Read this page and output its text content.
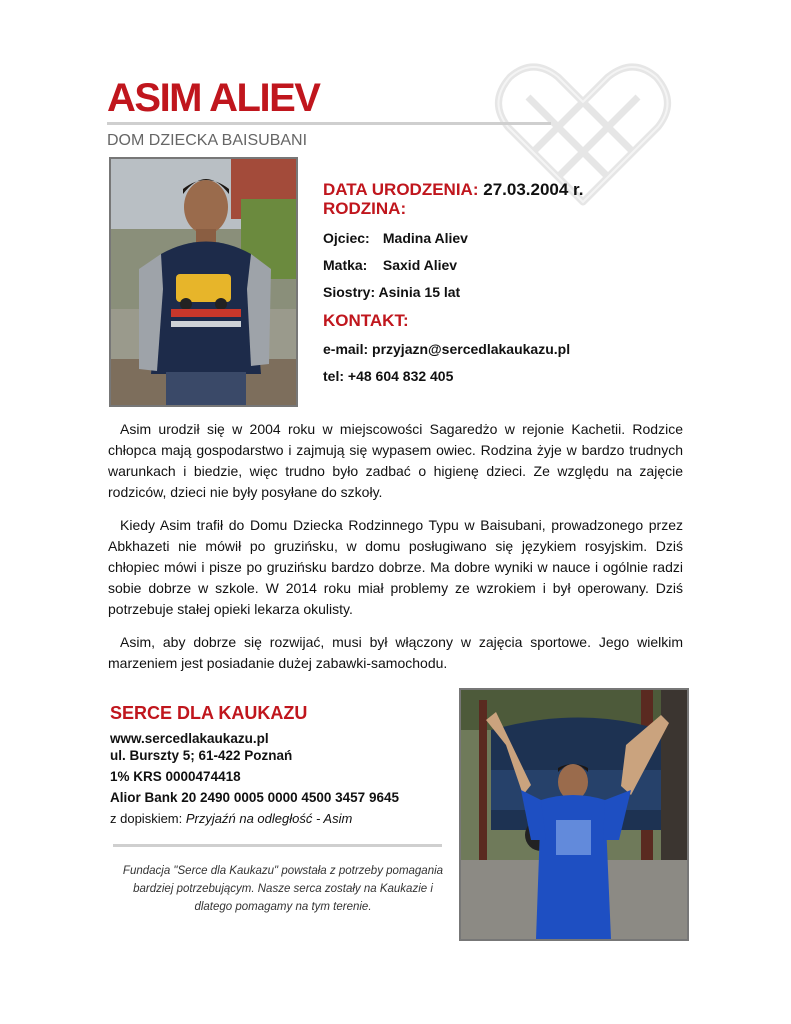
ASIM ALIEV
DOM DZIECKA BAISUBANI
DATA URODZENIA: 27.03.2004 r.
RODZINA:
Ojciec: Madina Aliev
Matka: Saxid Aliev
Siostry: Asinia 15 lat
KONTAKT:
e-mail: przyjazn@sercedlakaukazu.pl
tel: +48 604 832 405

Asim urodził się w 2004 roku w miejscowości Sagaredżo w rejonie Kachetii. Rodzice chłopca mają gospodarstwo i zajmują się wypasem owiec. Rodzina żyje w bardzo trudnych warunkach i biedzie, więc trudno było zadbać o higienę dzieci. Ze względu na zajęcie rodziców, dzieci nie były posyłane do szkoły.

Kiedy Asim trafił do Domu Dziecka Rodzinnego Typu w Baisubani, prowadzonego przez Abkhazeti nie mówił po gruzińsku, w domu posługiwano się językiem rosyjskim. Dziś chłopiec mówi i pisze po gruzińsku bardzo dobrze. Ma dobre wyniki w nauce i ogólnie radzi sobie dobrze w szkole. W 2014 roku miał problemy ze wzrokiem i był operowany. Dziś potrzebuje stałej opieki lekarza okulisty.

Asim, aby dobrze się rozwijać, musi był włączony w zajęcia sportowe. Jego wielkim marzeniem jest posiadanie dużej zabawki-samochodu.

SERCE DLA KAUKAZU
www.sercedlakaukazu.pl
ul. Burszty 5; 61-422 Poznań
1% KRS 0000474418
Alior Bank 20 2490 0005 0000 4500 3457 9645
z dopiskiem: Przyjaźń na odległość - Asim
Fundacja "Serce dla Kaukazu" powstała z potrzeby pomagania bardziej potrzebującym. Nasze serca zostały na Kaukazie i dlatego pomagamy na tym terenie.
